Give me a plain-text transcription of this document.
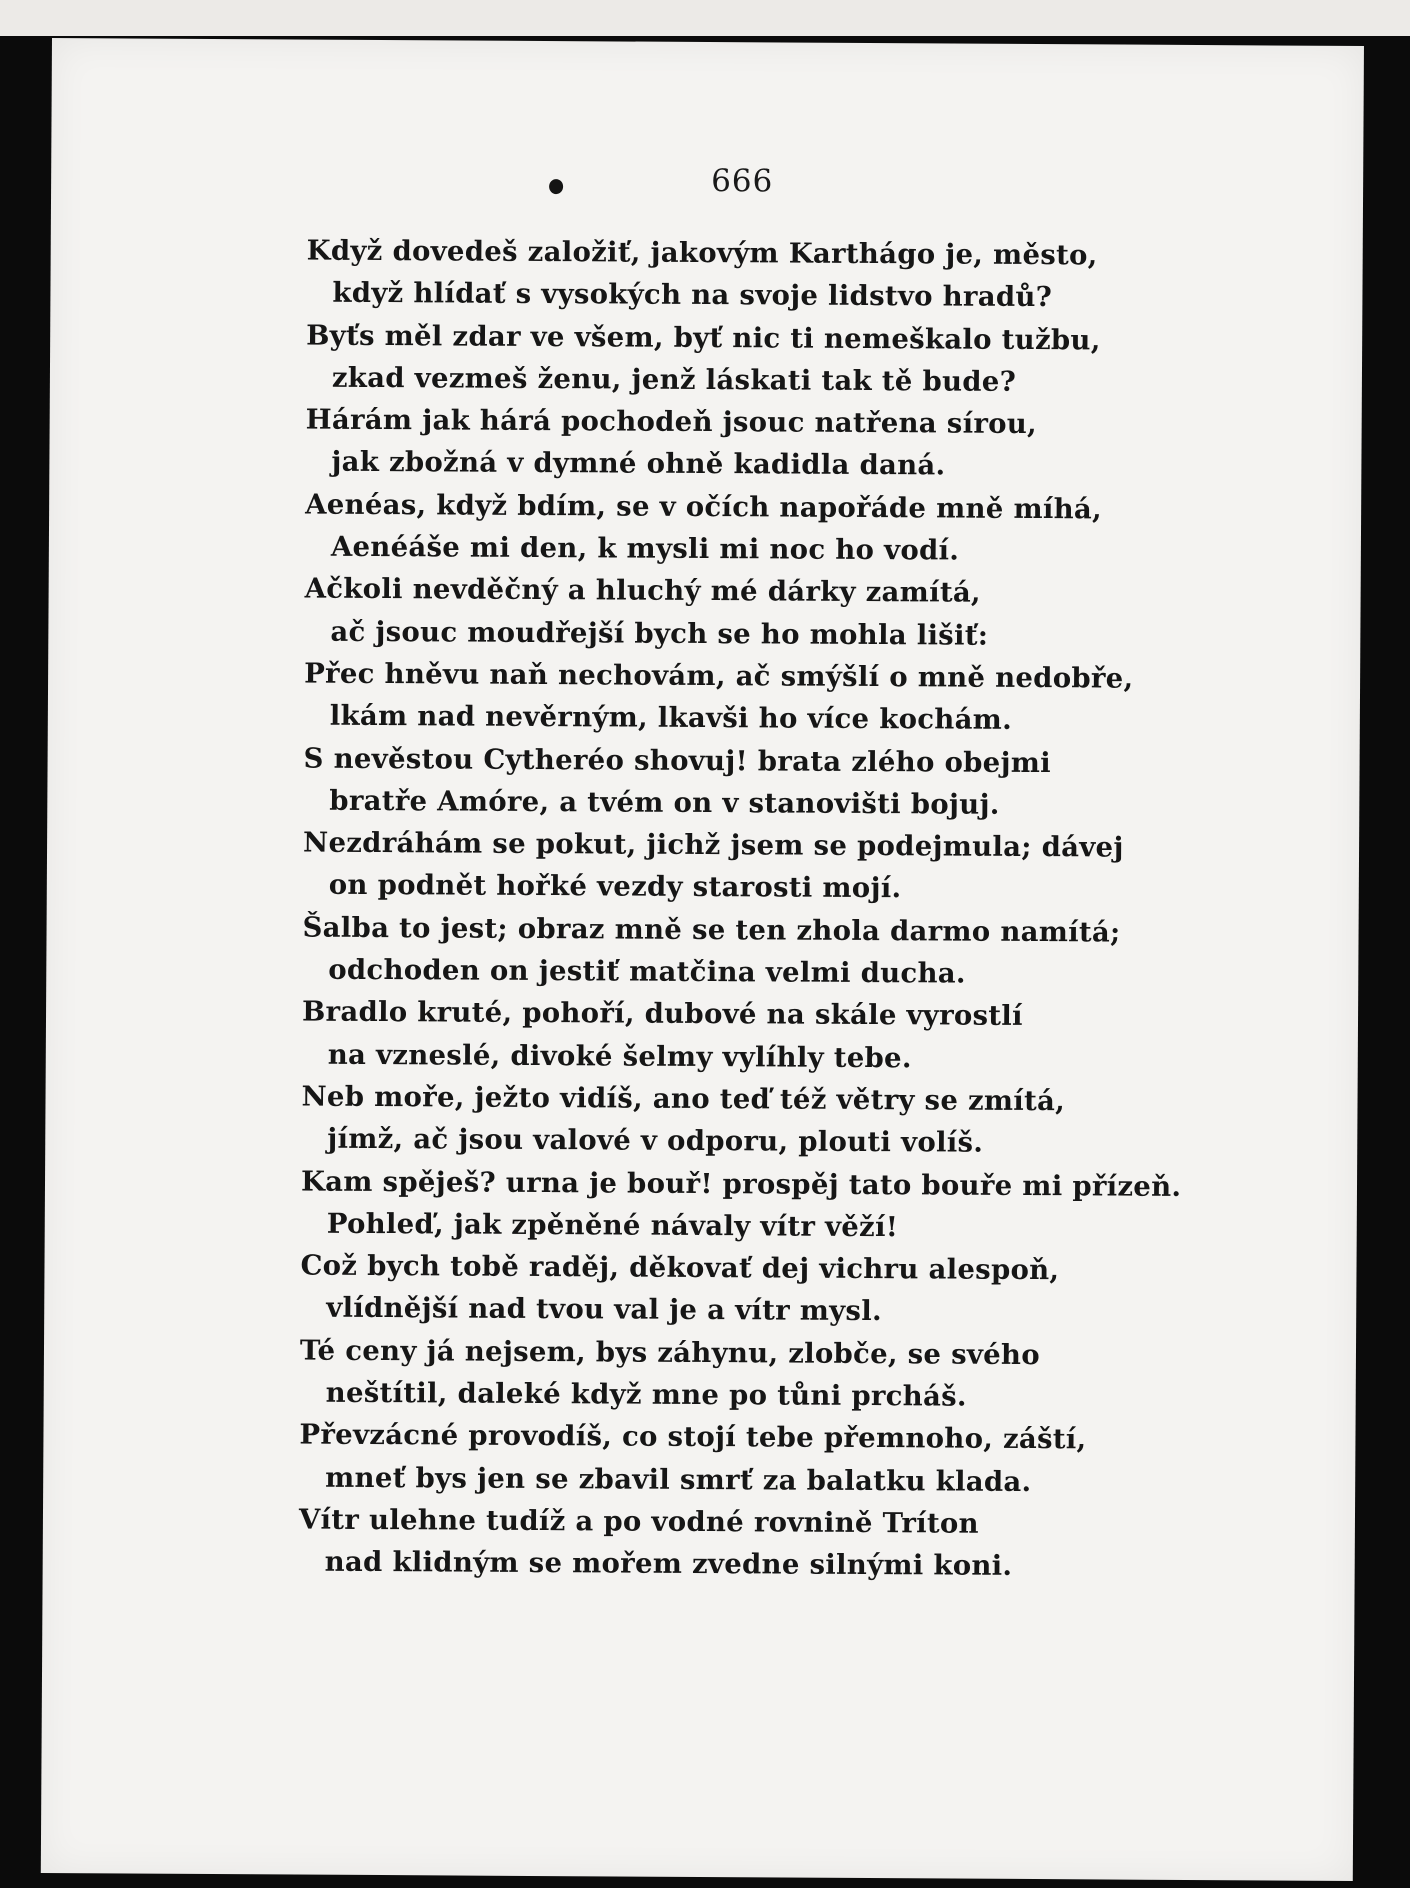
666
Když dovedeš založiť, jakovým Karthágo je, město,
když hlídať s vysokých na svoje lidstvo hradů?
Byťs měl zdar ve všem, byť nic ti nemeškalo tužbu,
zkad vezmeš ženu, jenž láskati tak tě bude?
Hárám jak hárá pochodeň jsouc natřena sírou,
jak zbožná v dymné ohně kadidla daná.
Aenéas, když bdím, se v očích napořáde mně míhá,
Aenéáše mi den, k mysli mi noc ho vodí.
Ačkoli nevděčný a hluchý mé dárky zamítá,
ač jsouc moudřejší bych se ho mohla lišiť:
Přec hněvu naň nechovám, ač smýšlí o mně nedobře,
lkám nad nevěrným, lkavši ho více kochám.
S nevěstou Cytheréo shovuj! brata zlého obejmi
bratře Amóre, a tvém on v stanovišti bojuj.
Nezdráhám se pokut, jichž jsem se podejmula; dávej
on podnět hořké vezdy starosti mojí.
Šalba to jest; obraz mně se ten zhola darmo namítá;
odchoden on jestiť matčina velmi ducha.
Bradlo kruté, pohoří, dubové na skále vyrostlí
na vzneslé, divoké šelmy vylíhly tebe.
Neb moře, ježto vidíš, ano teď též větry se zmítá,
jímž, ač jsou valové v odporu, plouti volíš.
Kam spěješ? urna je bouř! prospěj tato bouře mi přízeň.
Pohleď, jak zpěněné návaly vítr věží!
Což bych tobě raděj, děkovať dej vichru alespoň,
vlídnější nad tvou val je a vítr mysl.
Té ceny já nejsem, bys záhynu, zlobče, se svého
neštítil, daleké když mne po tůni prcháš.
Převzácné provodíš, co stojí tebe přemnoho, záští,
mneť bys jen se zbavil smrť za balatku klada.
Vítr ulehne tudíž a po vodné rovnině Tríton
nad klidným se mořem zvedne silnými koni.
